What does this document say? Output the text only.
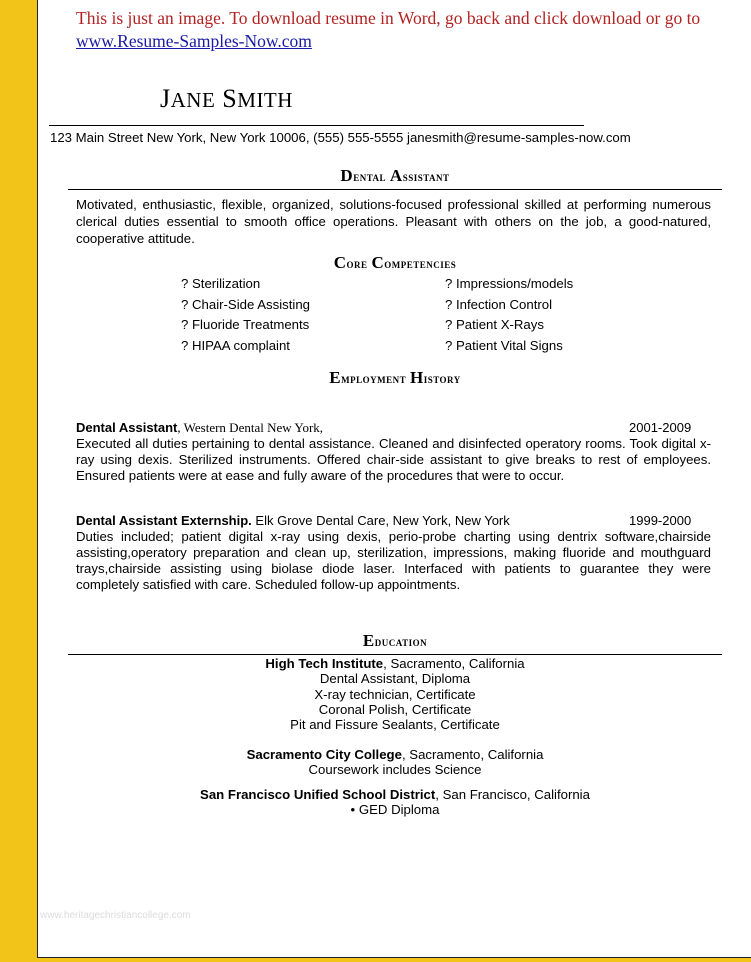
This is just an image. To download resume in Word, go back and click download or go to www.Resume-Samples-Now.com
JANE SMITH
123 Main Street New York, New York 10006, (555) 555-5555 janesmith@resume-samples-now.com
Dental Assistant
Motivated, enthusiastic, flexible, organized, solutions-focused professional skilled at performing numerous clerical duties essential to smooth office operations. Pleasant with others on the job, a good-natured, cooperative attitude.
Core Competencies
? Sterilization
? Chair-Side Assisting
? Fluoride Treatments
? HIPAA complaint
? Impressions/models
? Infection Control
? Patient X-Rays
? Patient Vital Signs
Employment History
Dental Assistant, Western Dental New York,	2001-2009
Executed all duties pertaining to dental assistance. Cleaned and disinfected operatory rooms. Took digital x-ray using dexis. Sterilized instruments. Offered chair-side assistant to give breaks to rest of employees. Ensured patients were at ease and fully aware of the procedures that were to occur.
Dental Assistant Externship. Elk Grove Dental Care, New York, New York	1999-2000
Duties included; patient digital x-ray using dexis, perio-probe charting using dentrix software,chairside assisting,operatory preparation and clean up, sterilization, impressions, making fluoride and mouthguard trays,chairside assisting using biolase diode laser. Interfaced with patients to guarantee they were completely satisfied with care. Scheduled follow-up appointments.
Education
High Tech Institute, Sacramento, California
Dental Assistant, Diploma
X-ray technician, Certificate
Coronal Polish, Certificate
Pit and Fissure Sealants, Certificate
Sacramento City College, Sacramento, California
Coursework includes Science
San Francisco Unified School District, San Francisco, California
• GED Diploma
www.heritagechristiancollege.com
